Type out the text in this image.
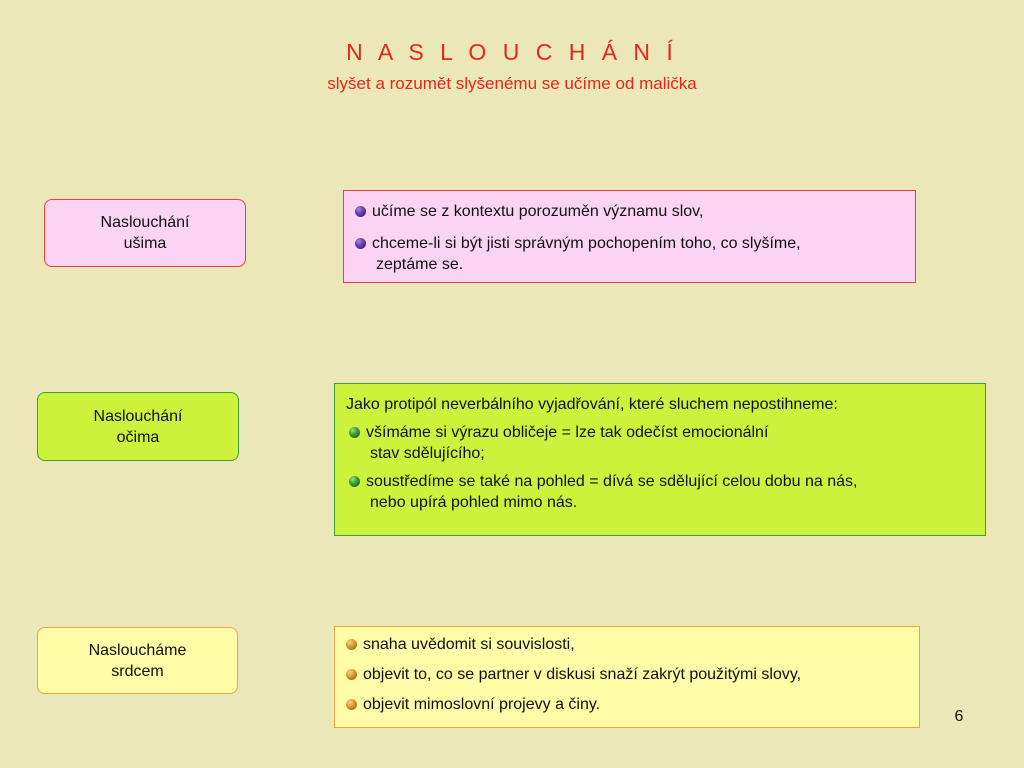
N A S L O U C H Á N Í
slyšet a rozumět slyšenému se učíme od malička
Naslouchání
ušima

učíme se z kontextu porozuměn významu slov,

chceme-li si být jisti správným pochopením toho, co slyšíme,
zeptáme se.

Naslouchání
očima

Jako protipól neverbálního vyjadřování, které sluchem nepostihneme:

všímáme si výrazu obličeje = lze tak odečíst emocionální
stav sdělujícího;

soustředíme se také na pohled = dívá se sdělující celou dobu na nás,
nebo upírá pohled mimo nás.

Nasloucháme
srdcem

snaha uvědomit si souvislosti,

objevit to, co se partner v diskusi snaží zakrýt použitými slovy,

objevit mimoslovní projevy a činy.

6
